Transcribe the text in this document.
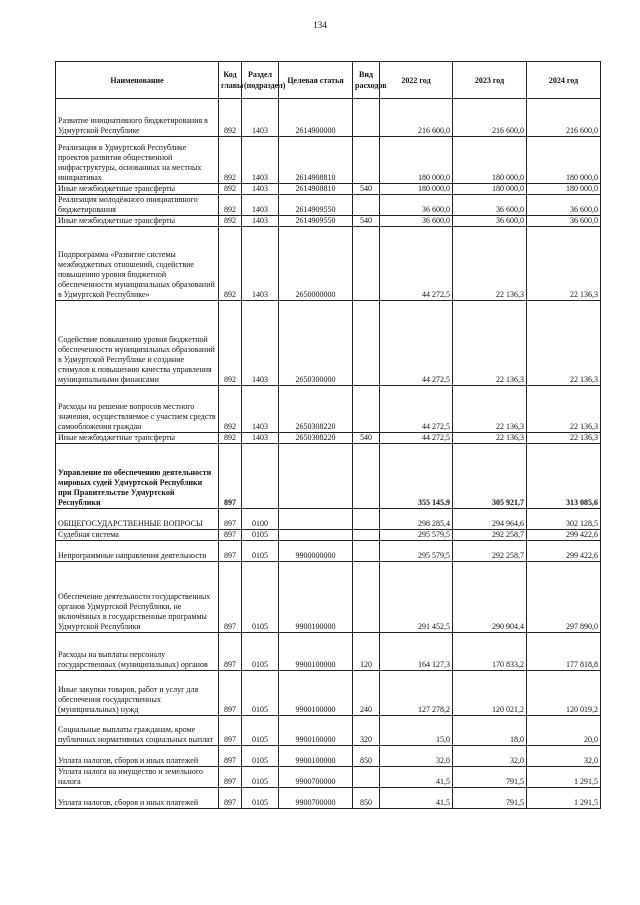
134
Наименование	Код главы	Раздел (подраздел)	Целевая статья	Вид расходов	2022 год	2023 год	2024 год
Развитие инициативного бюджетирования в Удмуртской Республике	892	1403	2614900000		216 600,0	216 600,0	216 600,0
Реализация в Удмуртской Республике проектов развития общественной инфраструктуры, основанных на местных инициативах	892	1403	2614908810		180 000,0	180 000,0	180 000,0
Иные межбюджетные трансферты	892	1403	2614908810	540	180 000,0	180 000,0	180 000,0
Реализация молодёжного инициативного бюджетирования	892	1403	2614909550		36 600,0	36 600,0	36 600,0
Иные межбюджетные трансферты	892	1403	2614909550	540	36 600,0	36 600,0	36 600,0
Подпрограмма «Развитие системы межбюджетных отношений, содействие повышению уровня бюджетной обеспеченности муниципальных образований в Удмуртской Республике»	892	1403	2650000000		44 272,5	22 136,3	22 136,3
Содействие повышению уровня бюджетной обеспеченности муниципальных образований в Удмуртской Республике и создание стимулов к повышению качества управления муниципальными финансами	892	1403	2650300000		44 272,5	22 136,3	22 136,3
Расходы на решение вопросов местного значения, осуществляемое с участием средств самообложения граждан	892	1403	2650308220		44 272,5	22 136,3	22 136,3
Иные межбюджетные трансферты	892	1403	2650308220	540	44 272,5	22 136,3	22 136,3
Управление по обеспечению деятельности мировых судей Удмуртской Республики при Правительстве Удмуртской Республики	897				355 145,9	305 921,7	313 085,6
ОБЩЕГОСУДАРСТВЕННЫЕ ВОПРОСЫ	897	0100			298 285,4	294 964,6	302 128,5
Судебная система	897	0105			295 579,5	292 258,7	299 422,6
Непрограммные направления деятельности	897	0105	9900000000		295 579,5	292 258,7	299 422,6
Обеспечение деятельности государственных органов Удмуртской Республики, не включённых в государственные программы Удмуртской Республики	897	0105	9900100000		291 452,5	290 904,4	297 890,0
Расходы на выплаты персоналу государственных (муниципальных) органов	897	0105	9900100000	120	164 127,3	170 833,2	177 818,8
Иные закупки товаров, работ и услуг для обеспечения государственных (муниципальных) нужд	897	0105	9900100000	240	127 278,2	120 021,2	120 019,2
Социальные выплаты гражданам, кроме публичных нормативных социальных выплат	897	0105	9900100000	320	15,0	18,0	20,0
Уплата налогов, сборов и иных платежей	897	0105	9900100000	850	32,0	32,0	32,0
Уплата налога на имущество и земельного налога	897	0105	9900700000		41,5	791,5	1 291,5
Уплата налогов, сборов и иных платежей	897	0105	9900700000	850	41,5	791,5	1 291,5
